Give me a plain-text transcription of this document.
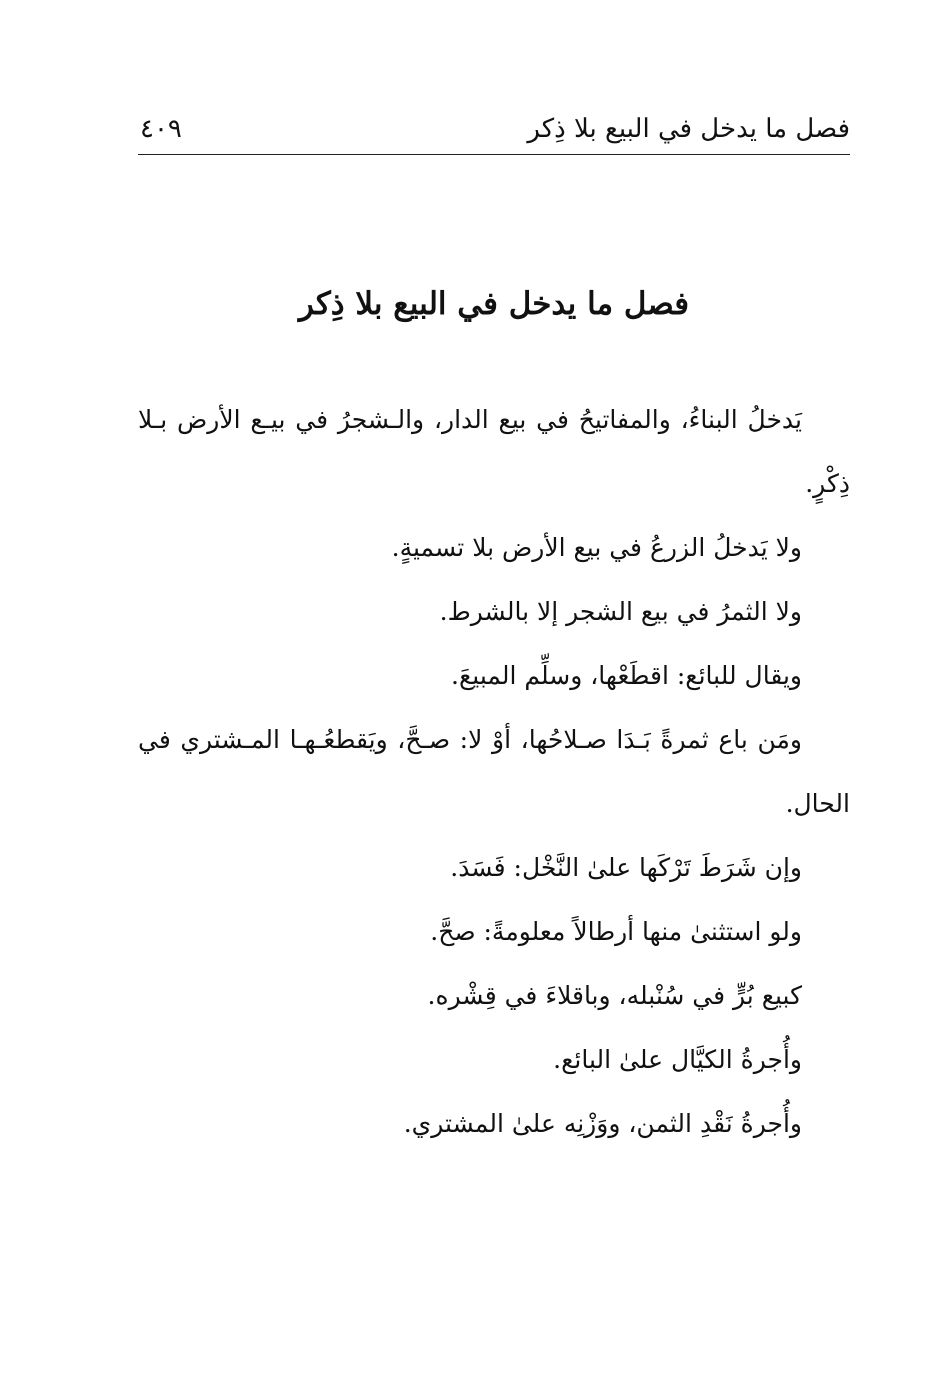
فصل ما يدخل في البيع بلا ذِكر
٤٠٩
فصل ما يدخل في البيع بلا ذِكر

يَدخلُ البناءُ، والمفاتيحُ في بيع الدار، والـشجرُ في بيـع الأرض بـلا ذِكْرٍ.

ولا يَدخلُ الزرعُ في بيع الأرض بلا تسميةٍ.

ولا الثمرُ في بيع الشجر إلا بالشرط.

ويقال للبائع: اقطَعْها، وسلِّم المبيعَ.

ومَن باع ثمرةً بَـدَا صـلاحُها، أوْ لا: صـحَّ، ويَقطعُـهـا المـشتري في الحال.

وإن شَرَطَ تَرْكَها علىٰ النَّخْل: فَسَدَ.

ولو استثنىٰ منها أرطالاً معلومةً: صحَّ.

كبيع بُرٍّ في سُنْبله، وباقلاءَ في قِشْره.

وأُجرةُ الكيَّال علىٰ البائع.

وأُجرةُ نَقْدِ الثمن، ووَزْنِه علىٰ المشتري.
